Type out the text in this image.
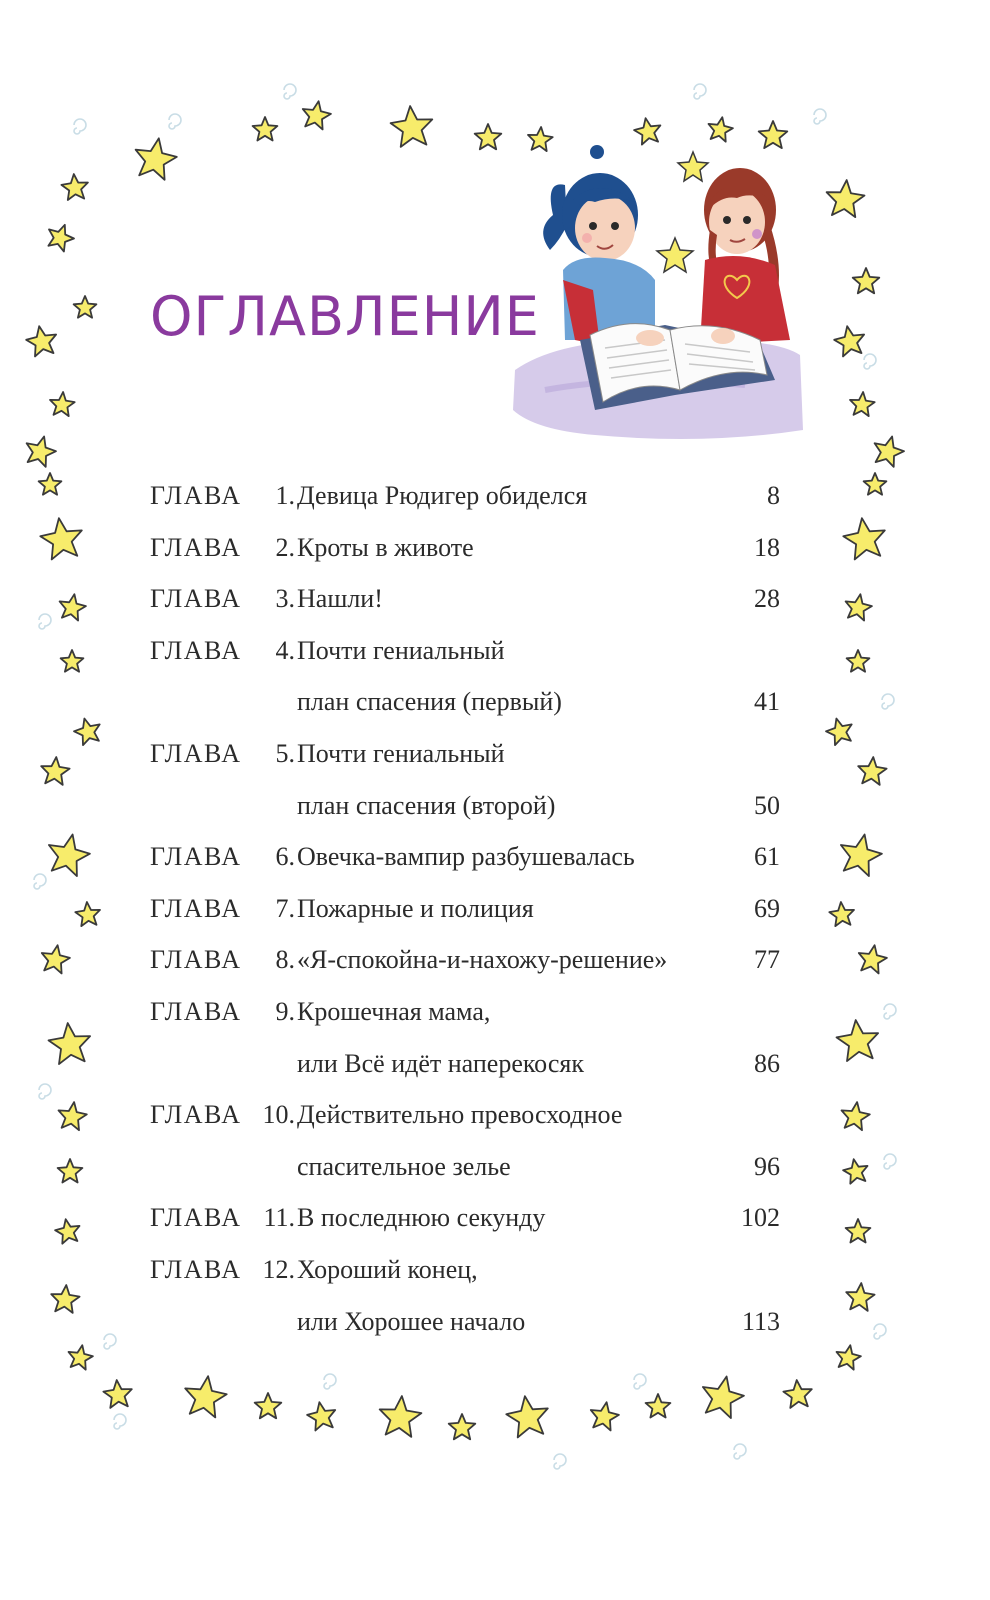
ОГЛАВЛЕНИЕ
ГЛАВА	1. Девица Рюдигер обиделся	8
ГЛАВА	2. Кроты в животе	18
ГЛАВА	3. Нашли!	28
ГЛАВА	4. Почти гениальный
план спасения (первый)	41
ГЛАВА	5. Почти гениальный
план спасения (второй)	50
ГЛАВА	6. Овечка-вампир разбушевалась	61
ГЛАВА	7. Пожарные и полиция	69
ГЛАВА	8. «Я-спокойна-и-нахожу-решение»	77
ГЛАВА	9. Крошечная мама,
или Всё идёт наперекосяк	86
ГЛАВА 10. Действительно превосходное
спасительное зелье	96
ГЛАВА 11. В последнюю секунду	102
ГЛАВА 12. Хороший конец,
или Хорошее начало	113
